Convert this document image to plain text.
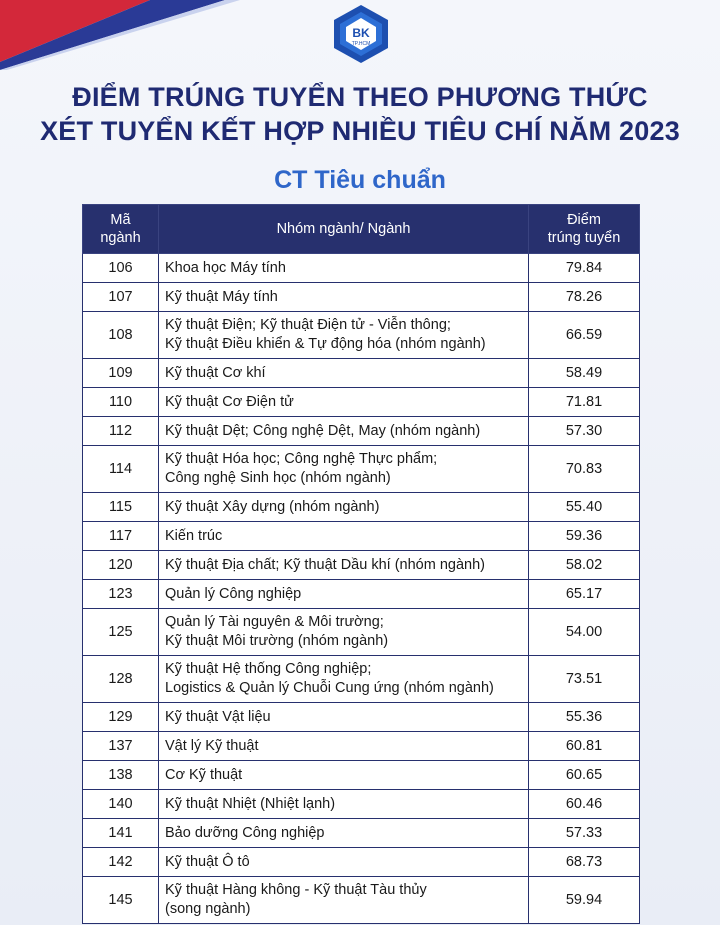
BK
TP.HCM
ĐIỂM TRÚNG TUYỂN THEO PHƯƠNG THỨC
XÉT TUYỂN KẾT HỢP NHIỀU TIÊU CHÍ NĂM 2023
CT Tiêu chuẩn
Mã
ngành	Nhóm ngành/ Ngành	Điểm
trúng tuyển

106	Khoa học Máy tính	79.84
107	Kỹ thuật Máy tính	78.26
108	Kỹ thuật Điện; Kỹ thuật Điện tử - Viễn thông;
Kỹ thuật Điều khiển & Tự động hóa (nhóm ngành)	66.59
109	Kỹ thuật Cơ khí	58.49
110	Kỹ thuật Cơ Điện tử	71.81
112	Kỹ thuật Dệt; Công nghệ Dệt, May (nhóm ngành)	57.30
114	Kỹ thuật Hóa học; Công nghệ Thực phẩm;
Công nghệ Sinh học (nhóm ngành)	70.83
115	Kỹ thuật Xây dựng (nhóm ngành)	55.40
117	Kiến trúc	59.36
120	Kỹ thuật Địa chất; Kỹ thuật Dầu khí (nhóm ngành)	58.02
123	Quản lý Công nghiệp	65.17
125	Quản lý Tài nguyên & Môi trường;
Kỹ thuật Môi trường (nhóm ngành)	54.00
128	Kỹ thuật Hệ thống Công nghiệp;
Logistics & Quản lý Chuỗi Cung ứng (nhóm ngành)	73.51
129	Kỹ thuật Vật liệu	55.36
137	Vật lý Kỹ thuật	60.81
138	Cơ Kỹ thuật	60.65
140	Kỹ thuật Nhiệt (Nhiệt lạnh)	60.46
141	Bảo dưỡng Công nghiệp	57.33
142	Kỹ thuật Ô tô	68.73
145	Kỹ thuật Hàng không - Kỹ thuật Tàu thủy
(song ngành)	59.94
